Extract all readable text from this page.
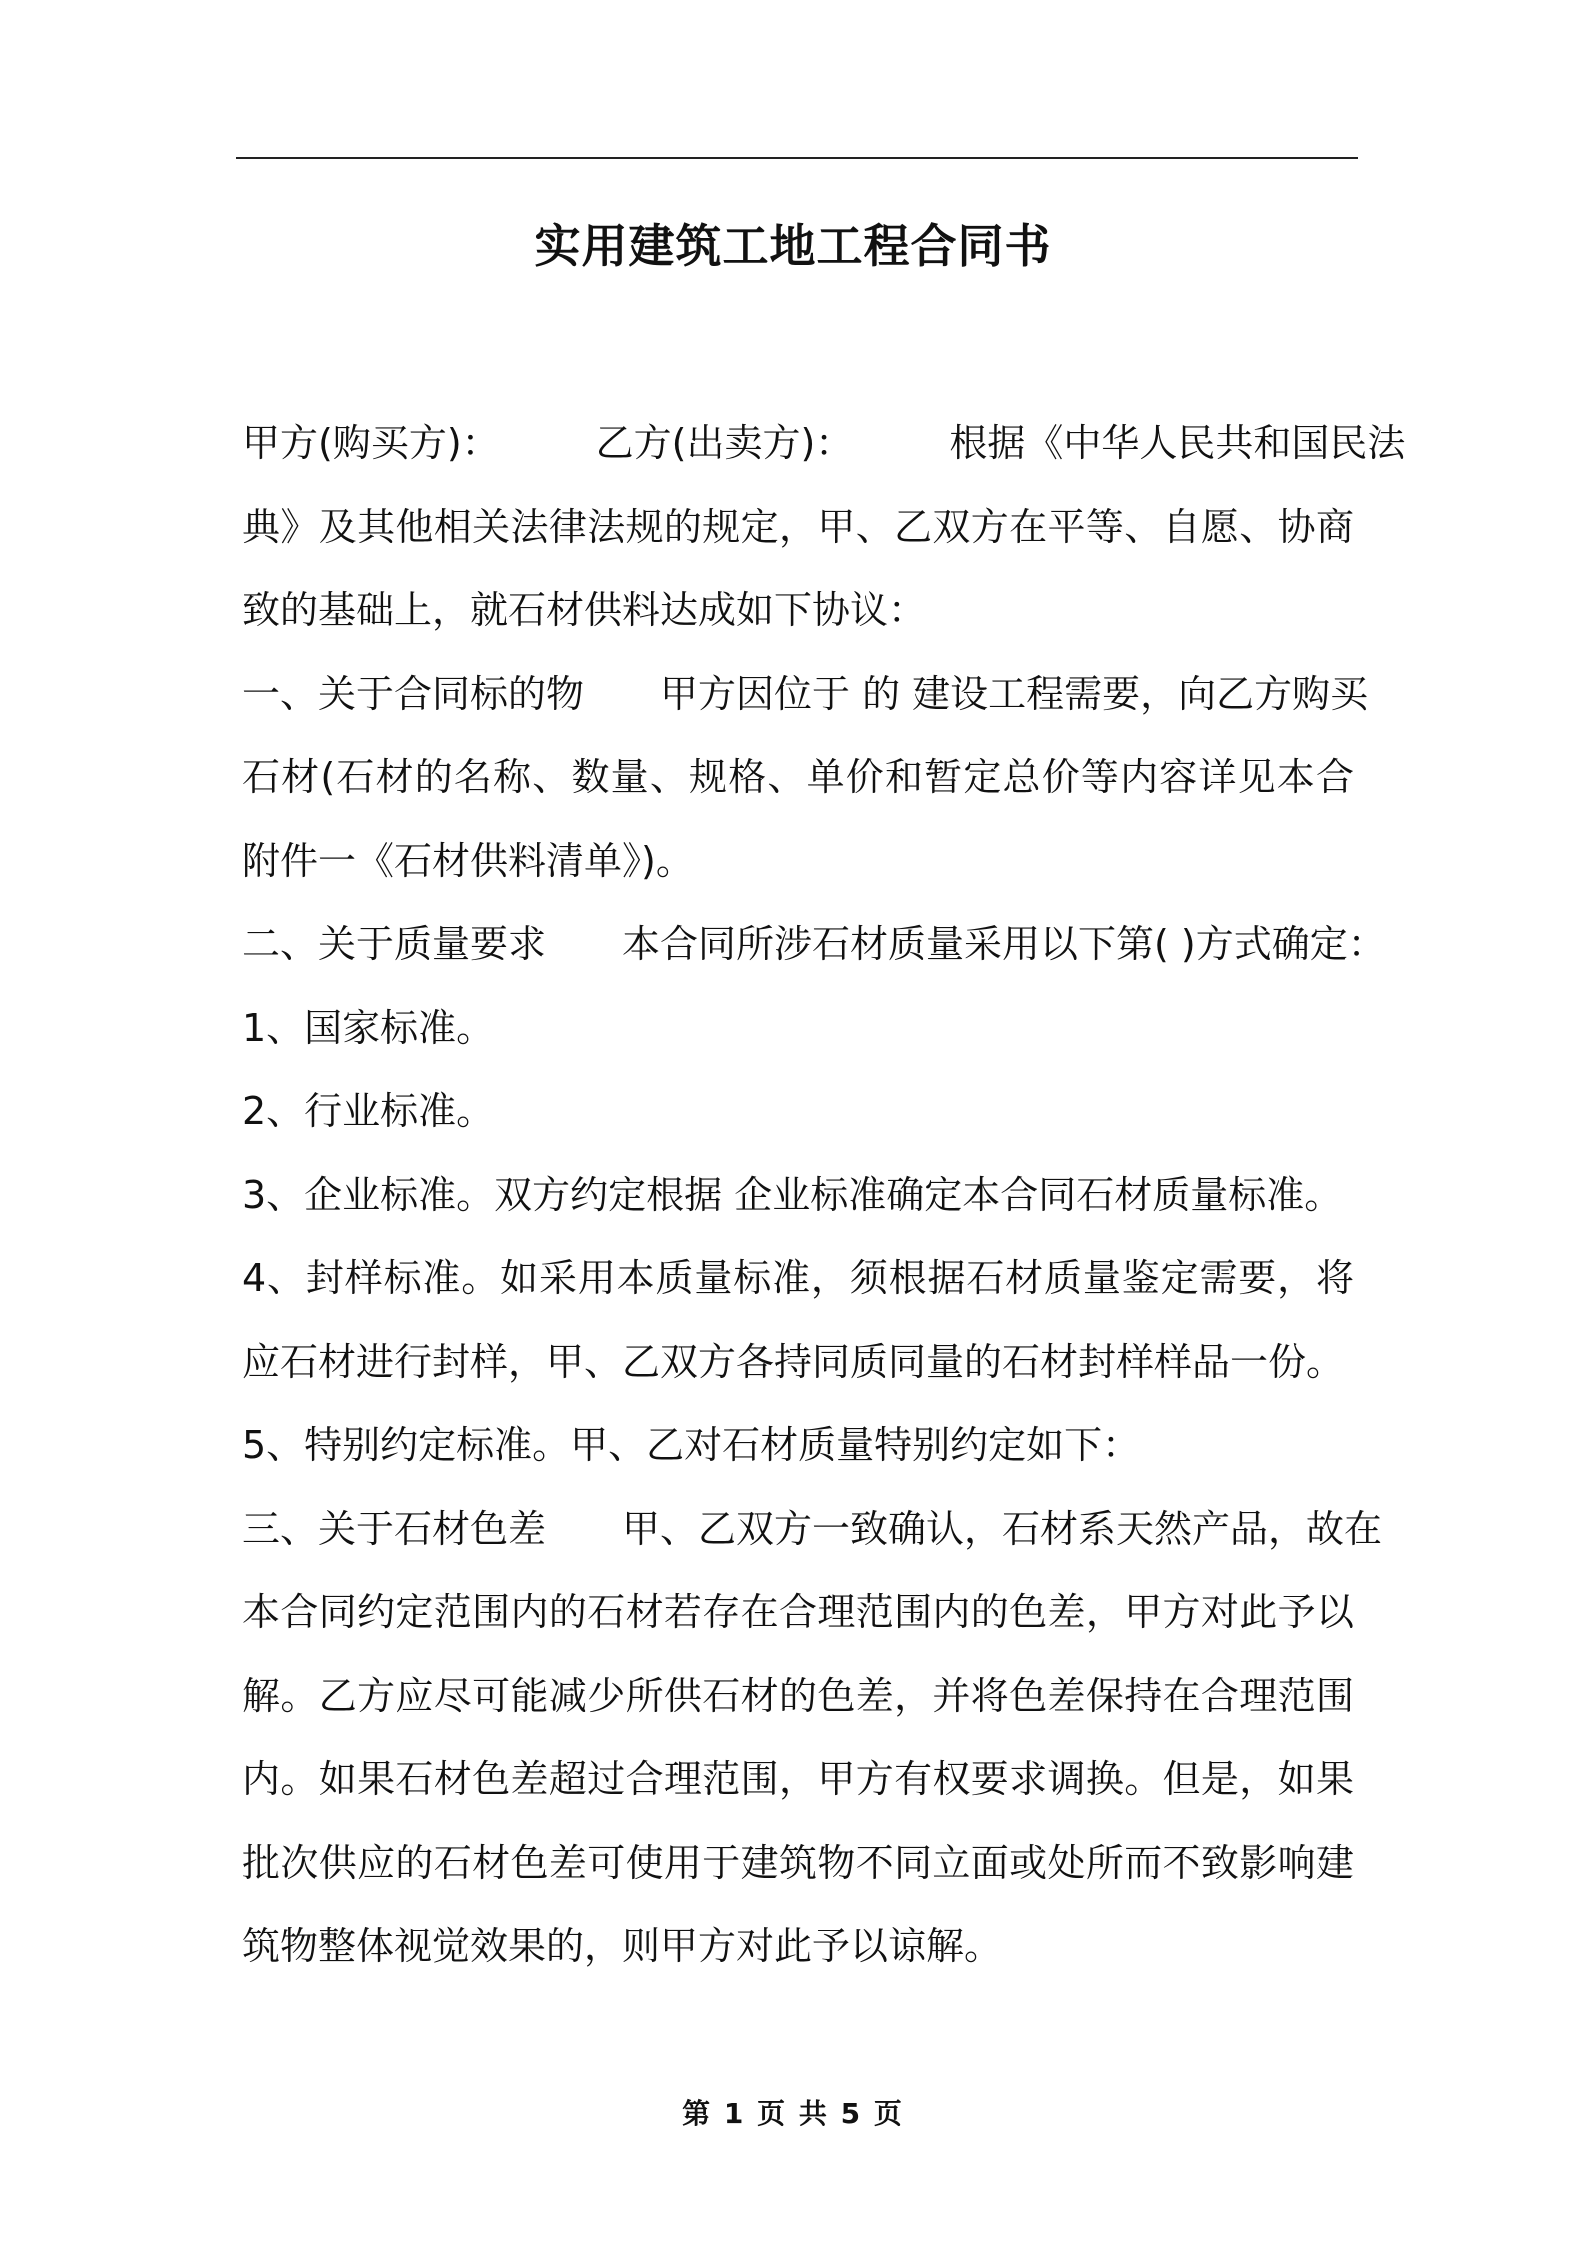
实用建筑工地工程合同书
甲方(购买方)：	乙方(出卖方)：	根据《中华人民共和国民法
典》及其他相关法律法规的规定，甲、乙双方在平等、自愿、协商
致的基础上，就石材供料达成如下协议：
一、关于合同标的物 甲方因位于 的 建设工程需要，向乙方购买
石材(石材的名称、数量、规格、单价和暂定总价等内容详见本合
附件一《石材供料清单》)。
二、关于质量要求 本合同所涉石材质量采用以下第( )方式确定：
1、国家标准。
2、行业标准。
3、企业标准。双方约定根据 企业标准确定本合同石材质量标准。
4、封样标准。如采用本质量标准，须根据石材质量鉴定需要，将
应石材进行封样，甲、乙双方各持同质同量的石材封样样品一份。
5、特别约定标准。甲、乙对石材质量特别约定如下：
三、关于石材色差 甲、乙双方一致确认，石材系天然产品，故在
本合同约定范围内的石材若存在合理范围内的色差，甲方对此予以
解。乙方应尽可能减少所供石材的色差，并将色差保持在合理范围
内。如果石材色差超过合理范围，甲方有权要求调换。但是，如果
批次供应的石材色差可使用于建筑物不同立面或处所而不致影响建
筑物整体视觉效果的，则甲方对此予以谅解。
第 1 页 共 5 页
